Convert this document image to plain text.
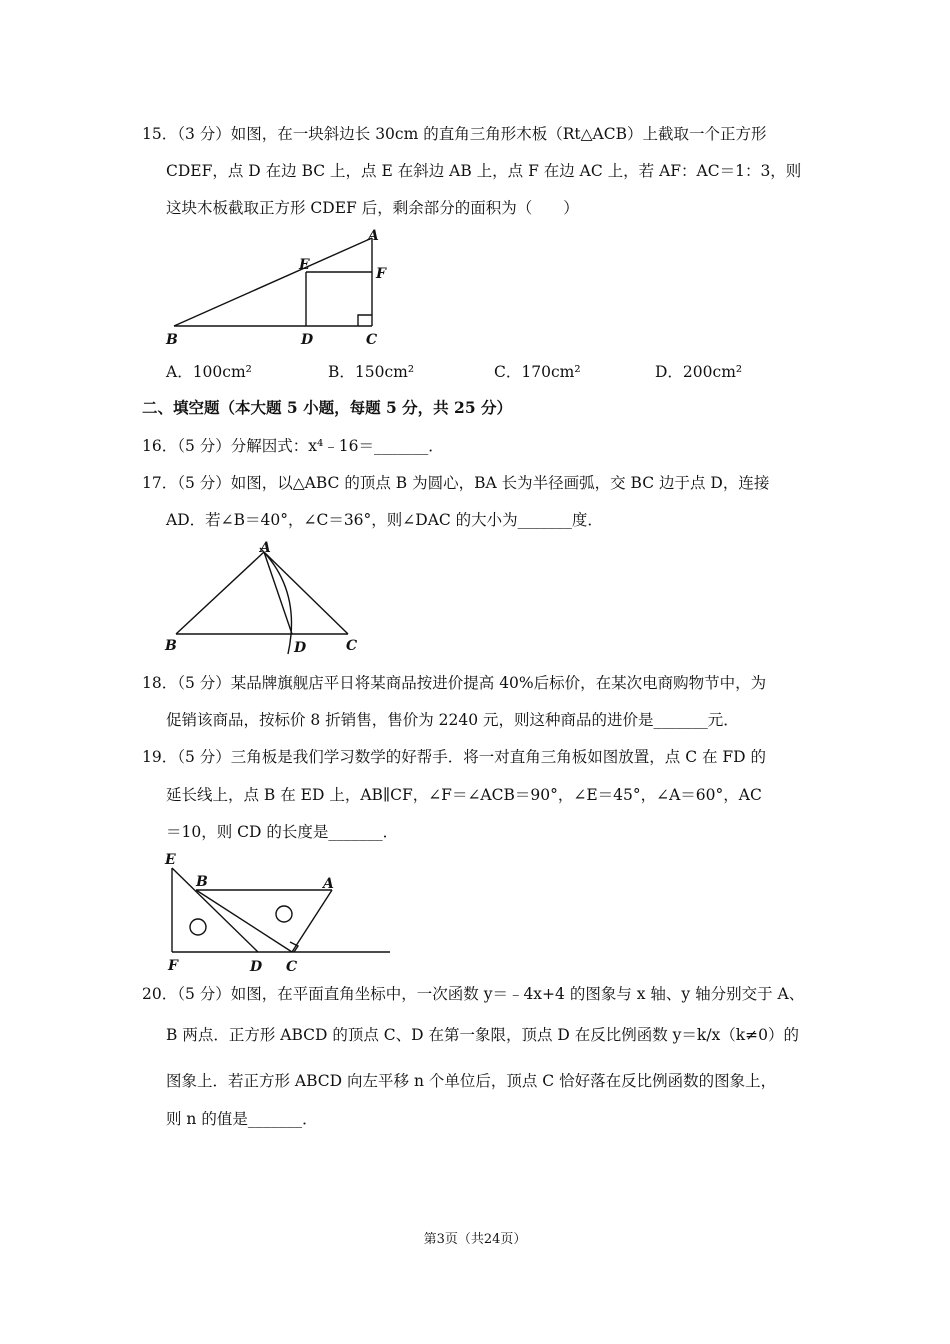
15．（3 分）如图，在一块斜边长 30cm 的直角三角形木板（Rt△ACB）上截取一个正方形
CDEF，点 D 在边 BC 上，点 E 在斜边 AB 上，点 F 在边 AC 上，若 AF：AC＝1：3，则
这块木板截取正方形 CDEF 后，剩余部分的面积为（　　）
A
E
F
B	D	C
A．100cm²	B．150cm²	C．170cm²	D．200cm²
二、填空题（本大题 5 小题，每题 5 分，共 25 分）
16．（5 分）分解因式：x⁴﹣16＝_______．
17．（5 分）如图，以△ABC 的顶点 B 为圆心，BA 长为半径画弧，交 BC 边于点 D，连接
AD．若∠B＝40°，∠C＝36°，则∠DAC 的大小为_______度．
A
B	D	C
18．（5 分）某品牌旗舰店平日将某商品按进价提高 40%后标价，在某次电商购物节中，为
促销该商品，按标价 8 折销售，售价为 2240 元，则这种商品的进价是_______元．
19．（5 分）三角板是我们学习数学的好帮手．将一对直角三角板如图放置，点 C 在 FD 的
延长线上，点 B 在 ED 上，AB∥CF，∠F＝∠ACB＝90°，∠E＝45°，∠A＝60°，AC
＝10，则 CD 的长度是_______．
E
B	A
F	D C
20．（5 分）如图，在平面直角坐标中，一次函数 y＝﹣4x+4 的图象与 x 轴、y 轴分别交于 A、
B 两点．正方形 ABCD 的顶点 C、D 在第一象限，顶点 D 在反比例函数 y＝k/x（k≠0）的
图象上．若正方形 ABCD 向左平移 n 个单位后，顶点 C 恰好落在反比例函数的图象上，
则 n 的值是_______．
第3页（共24页）
